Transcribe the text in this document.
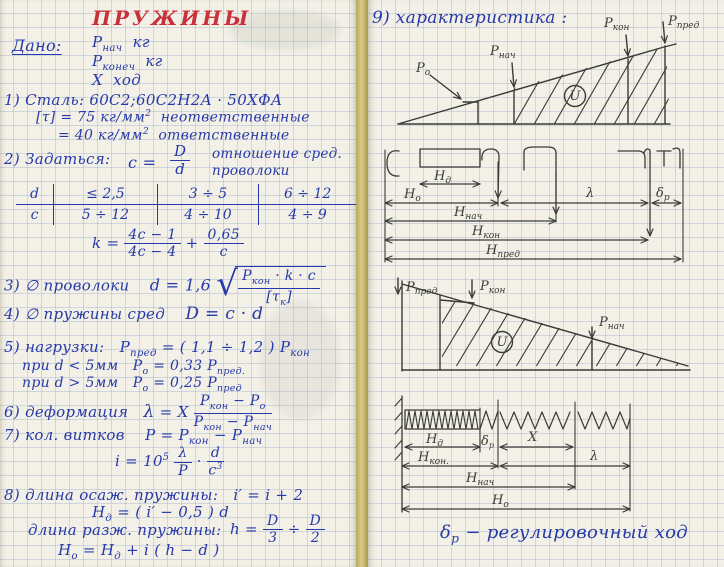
ПРУЖИНЫ
Дано: $Р_{нач}$ кг
$Р_{конеч}$ кг
Х ход
1) Сталь: 60С2;60С2Н2А · 50ХФА
[τ] = 75 $кг/мм^2$ неответственные
= 40 $кг/мм^2$ ответственные
2) Задаться: $c = \frac{D}{d}$ отношение сред.
проволоки
d	≤ 2,5	3 ÷ 5	6 ÷ 12
c	5 ÷ 12	4 ÷ 10	4 ÷ 9
$k = \frac{4c - 1}{4c - 4} + \frac{0,65}{c}$
3) ∅ проволоки d = 1,6 √ $\frac{Р_{кон} \cdot k \cdot c}{[\tau_к]}$
4) ∅ пружины сред D = c · d
5) нагрузки: $Р_{пред}$ = ( 1,1 ÷ 1,2 ) $Р_{кон}$
при d < 5мм $Р_о = 0,33$ $Р_{пред.}$
при d > 5мм $Р_о = 0,25$ $Р_{пред}$
6) деформация λ = Х $\frac{Р_{кон} - Р_о}{Р_{кон} - Р_{нач}}$
7) кол. витков $Р = Р_{кон} - Р_{нач}$
$i = 10^5 \frac{\lambda}{Р} \cdot \frac{d}{c^3}$
8) длина осаж. пружины: i′ = i + 2
$Н_д$ = ( i′ − 0,5 ) d
длина разж. пружины: $h = \frac{D}{3} \div \frac{D}{2}$
$Н_о = Н_д + i$ ( h − d )
9) характеристика :
$Р_о$
$Р_{нач}$
$Р_{кон}$	$Р_{пред}$
U
$Н_д$
$Н_о$	λ	$\delta_р$
$Н_{нач}$
$Н_{кон}$
$Н_{пред}$
$Р_{пред}$	$Р_{кон}$
$Р_{нач}$
U
$Н_д$	$\delta_р$
Х
$Н_{кон.}$	λ
$Н_{нач}$
$Н_о$
$\delta_р$ − регулировочный ход
